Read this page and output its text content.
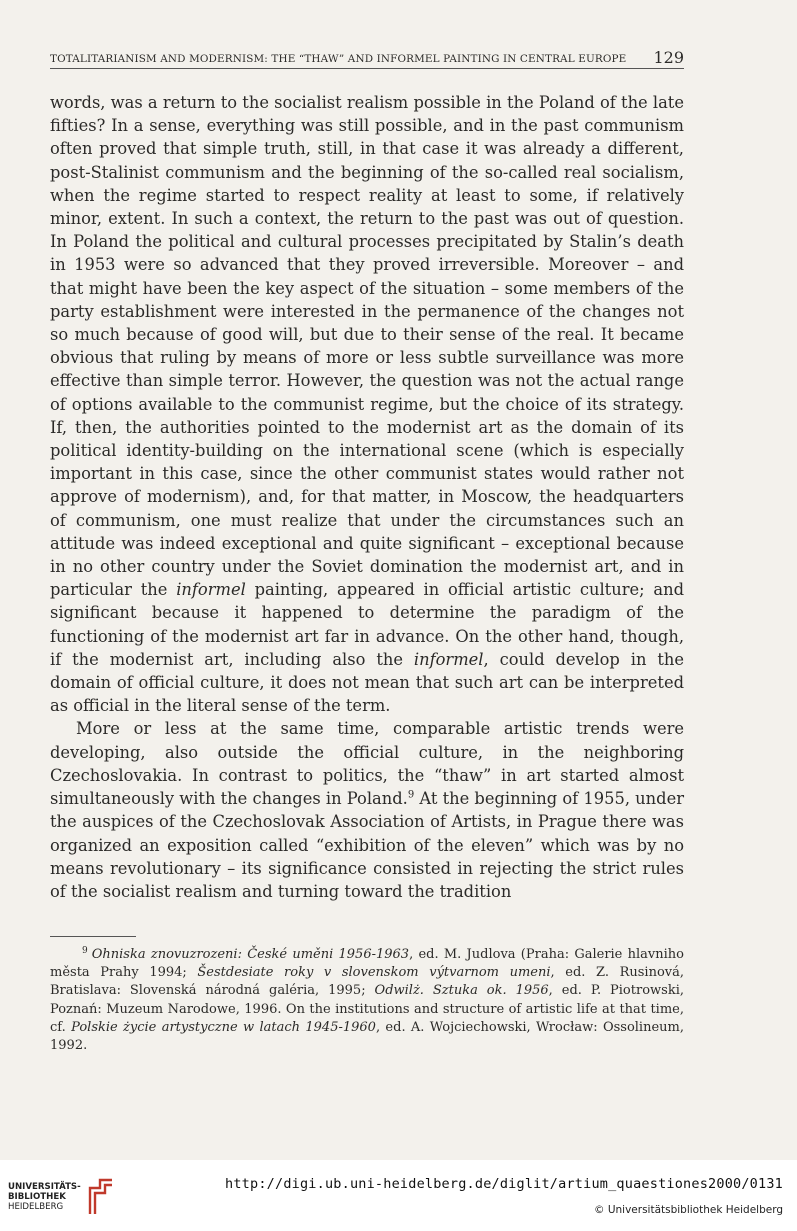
TOTALITARIANISM AND MODERNISM: THE “THAW” AND INFORMEL PAINTING IN CENTRAL EUROPE 129

words, was a return to the socialist realism possible in the Poland of the late fifties? In a sense, everything was still possible, and in the past communism often proved that simple truth, still, in that case it was already a different, post-Stalinist communism and the beginning of the so-called real socialism, when the regime started to respect reality at least to some, if relatively minor, extent. In such a context, the return to the past was out of question. In Poland the political and cultural processes precipitated by Stalin’s death in 1953 were so advanced that they proved irreversible. Moreover – and that might have been the key aspect of the situation – some members of the party establishment were interested in the permanence of the changes not so much because of good will, but due to their sense of the real. It became obvious that ruling by means of more or less subtle surveillance was more effective than simple terror. However, the question was not the actual range of options available to the communist regime, but the choice of its strategy. If, then, the authorities pointed to the modernist art as the domain of its political identity-building on the international scene (which is especially important in this case, since the other communist states would rather not approve of modernism), and, for that matter, in Moscow, the headquarters of communism, one must realize that under the circumstances such an attitude was indeed exceptional and quite significant – exceptional because in no other country under the Soviet domination the modernist art, and in particular the informel painting, appeared in official artistic culture; and significant because it happened to determine the paradigm of the functioning of the modernist art far in advance. On the other hand, though, if the modernist art, including also the informel, could develop in the domain of official culture, it does not mean that such art can be interpreted as official in the literal sense of the term.

More or less at the same time, comparable artistic trends were developing, also outside the official culture, in the neighboring Czechoslovakia. In contrast to politics, the “thaw” in art started almost simultaneously with the changes in Poland.$^9$ At the beginning of 1955, under the auspices of the Czechoslovak Association of Artists, in Prague there was organized an exposition called “exhibition of the eleven” which was by no means revolutionary – its significance consisted in rejecting the strict rules of the socialist realism and turning toward the tradition

$^9$ Ohniska znovuzrozeni: České uměni 1956-1963, ed. M. Judlova (Praha: Galerie hlavniho města Prahy 1994; Šestdesiate roky v slovenskom výtvarnom umeni, ed. Z. Rusinová, Bratislava: Slovenská národná galéria, 1995; Odwilż. Sztuka ok. 1956, ed. P. Piotrowski, Poznań: Muzeum Narodowe, 1996. On the institutions and structure of artistic life at that time, cf. Polskie życie artystyczne w latach 1945-1960, ed. A. Wojciechowski, Wrocław: Ossolineum, 1992.
UNIVERSITÄTS-
BIBLIOTHEK
HEIDELBERG
http://digi.ub.uni-heidelberg.de/diglit/artium_quaestiones2000/0131
© Universitätsbibliothek Heidelberg
